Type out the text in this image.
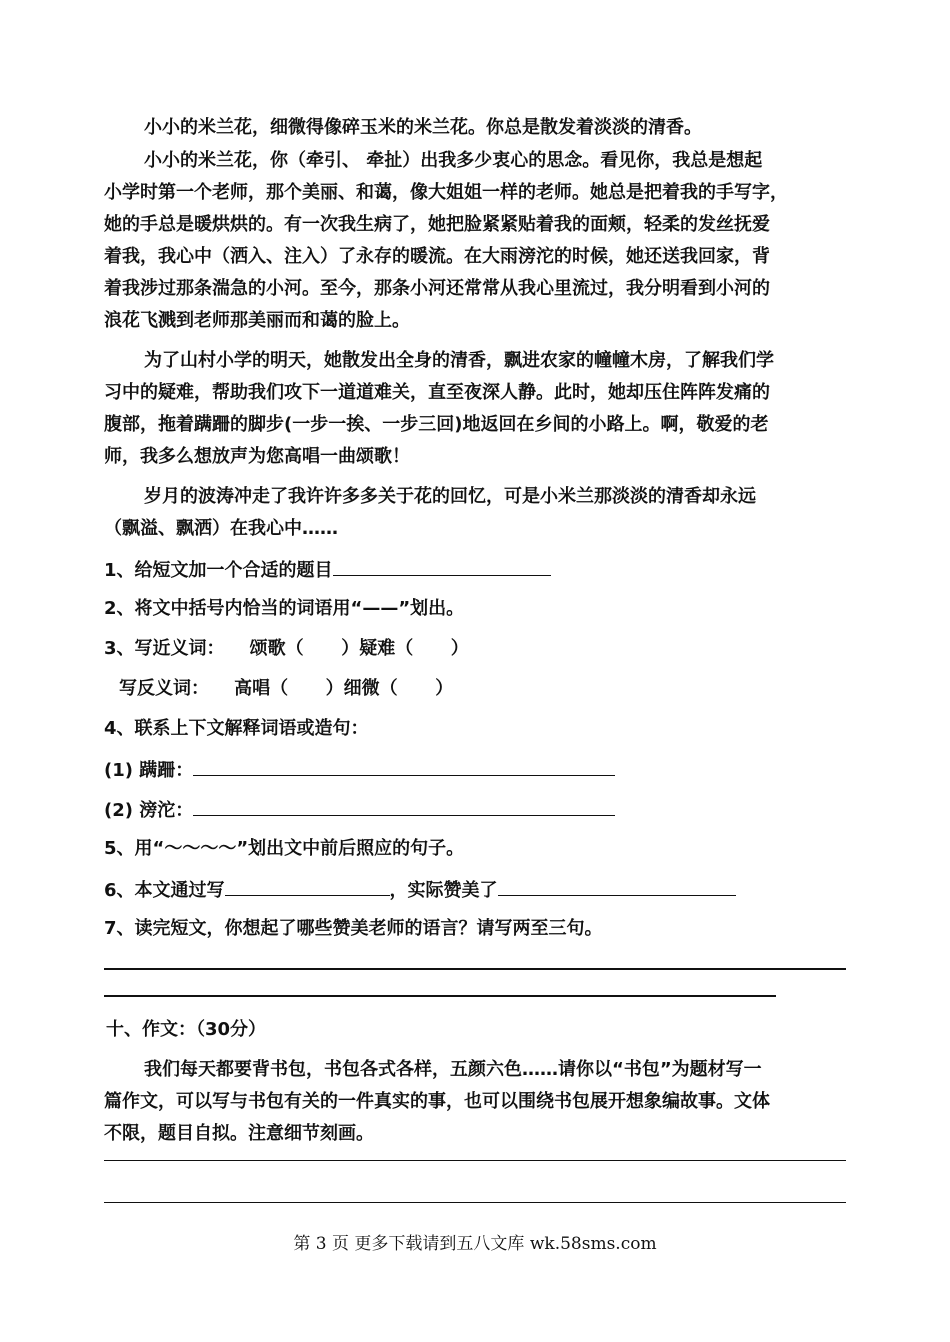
小小的米兰花，细微得像碎玉米的米兰花。你总是散发着淡淡的清香。
小小的米兰花，你（牵引、 牵扯）出我多少衷心的思念。看见你，我总是想起
小学时第一个老师，那个美丽、和蔼，像大姐姐一样的老师。她总是把着我的手写字，
她的手总是暖烘烘的。有一次我生病了，她把脸紧紧贴着我的面颊，轻柔的发丝抚爱
着我，我心中（洒入、注入）了永存的暖流。在大雨滂沱的时候，她还送我回家，背
着我涉过那条湍急的小河。至今，那条小河还常常从我心里流过，我分明看到小河的
浪花飞溅到老师那美丽而和蔼的脸上。
为了山村小学的明天，她散发出全身的清香，飘进农家的幢幢木房，了解我们学
习中的疑难，帮助我们攻下一道道难关，直至夜深人静。此时，她却压住阵阵发痛的
腹部，拖着蹒跚的脚步(一步一挨、一步三回)地返回在乡间的小路上。啊，敬爱的老
师，我多么想放声为您高唱一曲颂歌！
岁月的波涛冲走了我许许多多关于花的回忆，可是小米兰那淡淡的清香却永远
（飘溢、飘洒）在我心中……
1、给短文加一个合适的题目
2、将文中括号内恰当的词语用“——”划出。
3、写近义词：    颂歌（      ）疑难（      ）
写反义词：    高唱（      ）细微（      ）
4、联系上下文解释词语或造句：
(1) 蹒跚：
(2) 滂沱：
5、用“～～～～”划出文中前后照应的句子。
6、本文通过写	，实际赞美了
7、读完短文，你想起了哪些赞美老师的语言？请写两至三句。
十、作文：（30分）
我们每天都要背书包，书包各式各样，五颜六色……请你以“书包”为题材写一
篇作文，可以写与书包有关的一件真实的事，也可以围绕书包展开想象编故事。文体
不限，题目自拟。注意细节刻画。
第 3 页 更多下载请到五八文库 wk.58sms.com
